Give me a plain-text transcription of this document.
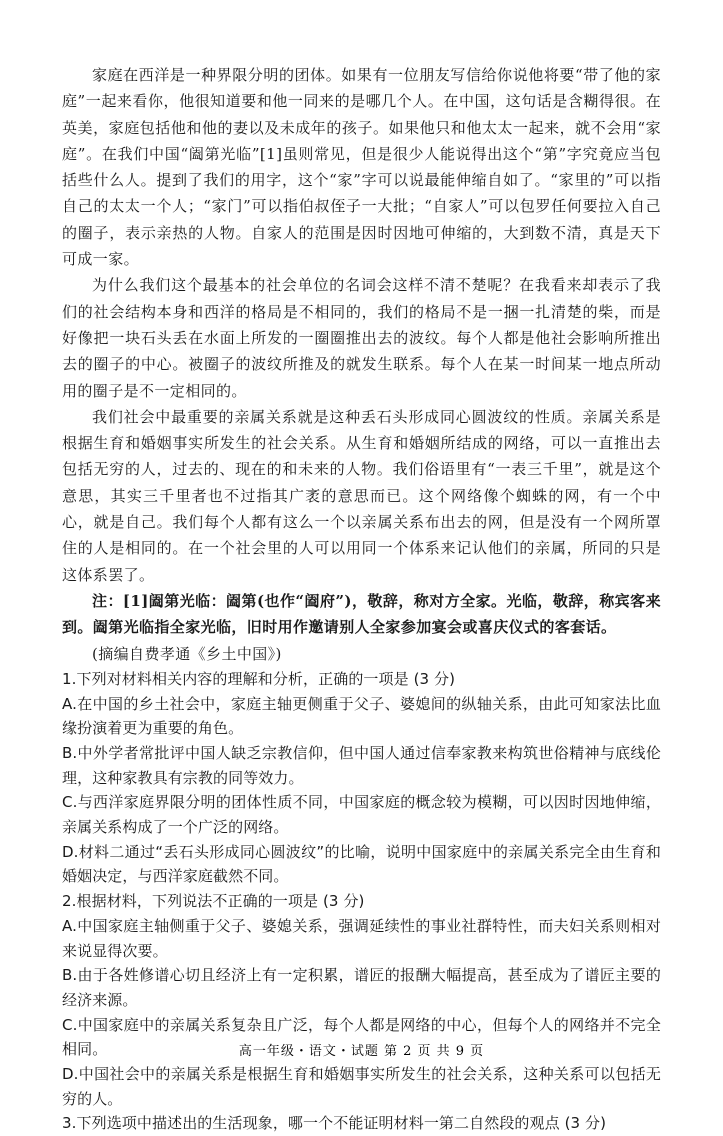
家庭在西洋是一种界限分明的团体。如果有一位朋友写信给你说他将要“带了他的家庭”一起来看你，他很知道要和他一同来的是哪几个人。在中国，这句话是含糊得很。在英美，家庭包括他和他的妻以及未成年的孩子。如果他只和他太太一起来，就不会用“家庭”。在我们中国“阖第光临”[1]虽则常见，但是很少人能说得出这个“第”字究竟应当包括些什么人。提到了我们的用字，这个“家”字可以说最能伸缩自如了。“家里的”可以指自己的太太一个人；“家门”可以指伯叔侄子一大批；“自家人”可以包罗任何要拉入自己的圈子，表示亲热的人物。自家人的范围是因时因地可伸缩的，大到数不清，真是天下可成一家。

为什么我们这个最基本的社会单位的名词会这样不清不楚呢？在我看来却表示了我们的社会结构本身和西洋的格局是不相同的，我们的格局不是一捆一扎清楚的柴，而是好像把一块石头丢在水面上所发的一圈圈推出去的波纹。每个人都是他社会影响所推出去的圈子的中心。被圈子的波纹所推及的就发生联系。每个人在某一时间某一地点所动用的圈子是不一定相同的。

我们社会中最重要的亲属关系就是这种丢石头形成同心圆波纹的性质。亲属关系是根据生育和婚姻事实所发生的社会关系。从生育和婚姻所结成的网络，可以一直推出去包括无穷的人，过去的、现在的和未来的人物。我们俗语里有“一表三千里”，就是这个意思，其实三千里者也不过指其广袤的意思而已。这个网络像个蜘蛛的网，有一个中心，就是自己。我们每个人都有这么一个以亲属关系布出去的网，但是没有一个网所罩住的人是相同的。在一个社会里的人可以用同一个体系来记认他们的亲属，所同的只是这体系罢了。

注：[1]阖第光临：阖第(也作“阖府”)，敬辞，称对方全家。光临，敬辞，称宾客来到。阖第光临指全家光临，旧时用作邀请别人全家参加宴会或喜庆仪式的客套话。

(摘编自费孝通《乡土中国》)

1.下列对材料相关内容的理解和分析，正确的一项是 (3 分)

A.在中国的乡土社会中，家庭主轴更侧重于父子、婆媳间的纵轴关系，由此可知家法比血缘扮演着更为重要的角色。

B.中外学者常批评中国人缺乏宗教信仰，但中国人通过信奉家教来构筑世俗精神与底线伦理，这种家教具有宗教的同等效力。

C.与西洋家庭界限分明的团体性质不同，中国家庭的概念较为模糊，可以因时因地伸缩，亲属关系构成了一个广泛的网络。

D.材料二通过“丢石头形成同心圆波纹”的比喻，说明中国家庭中的亲属关系完全由生育和婚姻决定，与西洋家庭截然不同。

2.根据材料，下列说法不正确的一项是 (3 分)

A.中国家庭主轴侧重于父子、婆媳关系，强调延续性的事业社群特性，而夫妇关系则相对来说显得次要。

B.由于各姓修谱心切且经济上有一定积累，谱匠的报酬大幅提高，甚至成为了谱匠主要的经济来源。

C.中国家庭中的亲属关系复杂且广泛，每个人都是网络的中心，但每个人的网络并不完全相同。

D.中国社会中的亲属关系是根据生育和婚姻事实所发生的社会关系，这种关系可以包括无穷的人。

3.下列选项中描述出的生活现象，哪一个不能证明材料一第二自然段的观点 (3 分)

高一年级・语文・试题 第 2 页 共 9 页
